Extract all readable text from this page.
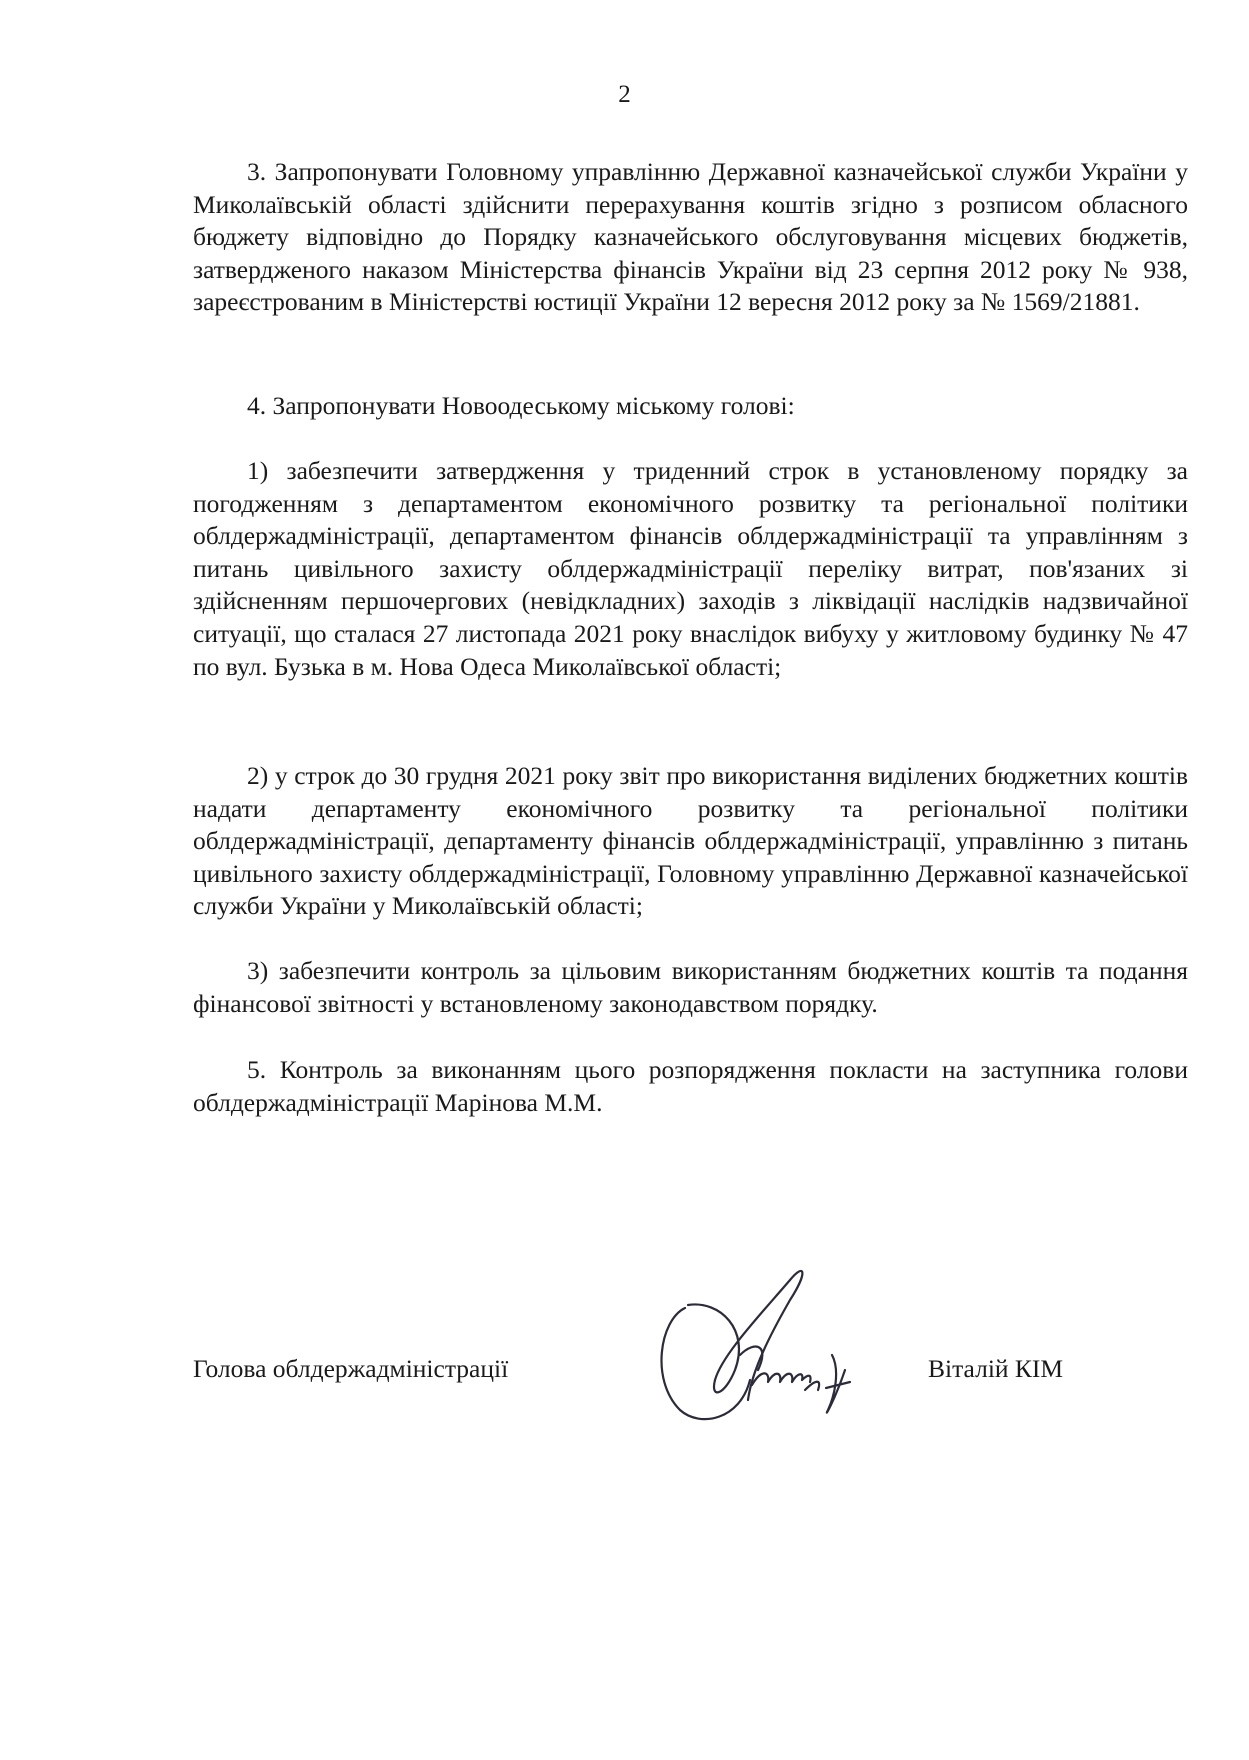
2

3. Запропонувати Головному управлінню Державної казначейської служби України у Миколаївській області здійснити перерахування коштів згідно з розписом обласного бюджету відповідно до Порядку казначейського обслуговування місцевих бюджетів, затвердженого наказом Міністерства фінансів України від 23 серпня 2012 року № 938, зареєстрованим в Міністерстві юстиції України 12 вересня 2012 року за № 1569/21881.

4. Запропонувати Новоодеському міському голові:

1) забезпечити затвердження у триденний строк в установленому порядку за погодженням з департаментом економічного розвитку та регіональної політики облдержадміністрації, департаментом фінансів облдержадміністрації та управлінням з питань цивільного захисту облдержадміністрації переліку витрат, пов'язаних зі здійсненням першочергових (невідкладних) заходів з ліквідації наслідків надзвичайної ситуації, що сталася 27 листопада 2021 року внаслідок вибуху у житловому будинку № 47 по вул. Бузька в м. Нова Одеса Миколаївської області;

2) у строк до 30 грудня 2021 року звіт про використання виділених бюджетних коштів надати департаменту економічного розвитку та регіональної політики облдержадміністрації, департаменту фінансів облдержадміністрації, управлінню з питань цивільного захисту облдержадміністрації, Головному управлінню Державної казначейської служби України у Миколаївській області;

3) забезпечити контроль за цільовим використанням бюджетних коштів та подання фінансової звітності у встановленому законодавством порядку.

5. Контроль за виконанням цього розпорядження покласти на заступника голови облдержадміністрації Марінова М.М.

Голова облдержадміністрації	Віталій КІМ
